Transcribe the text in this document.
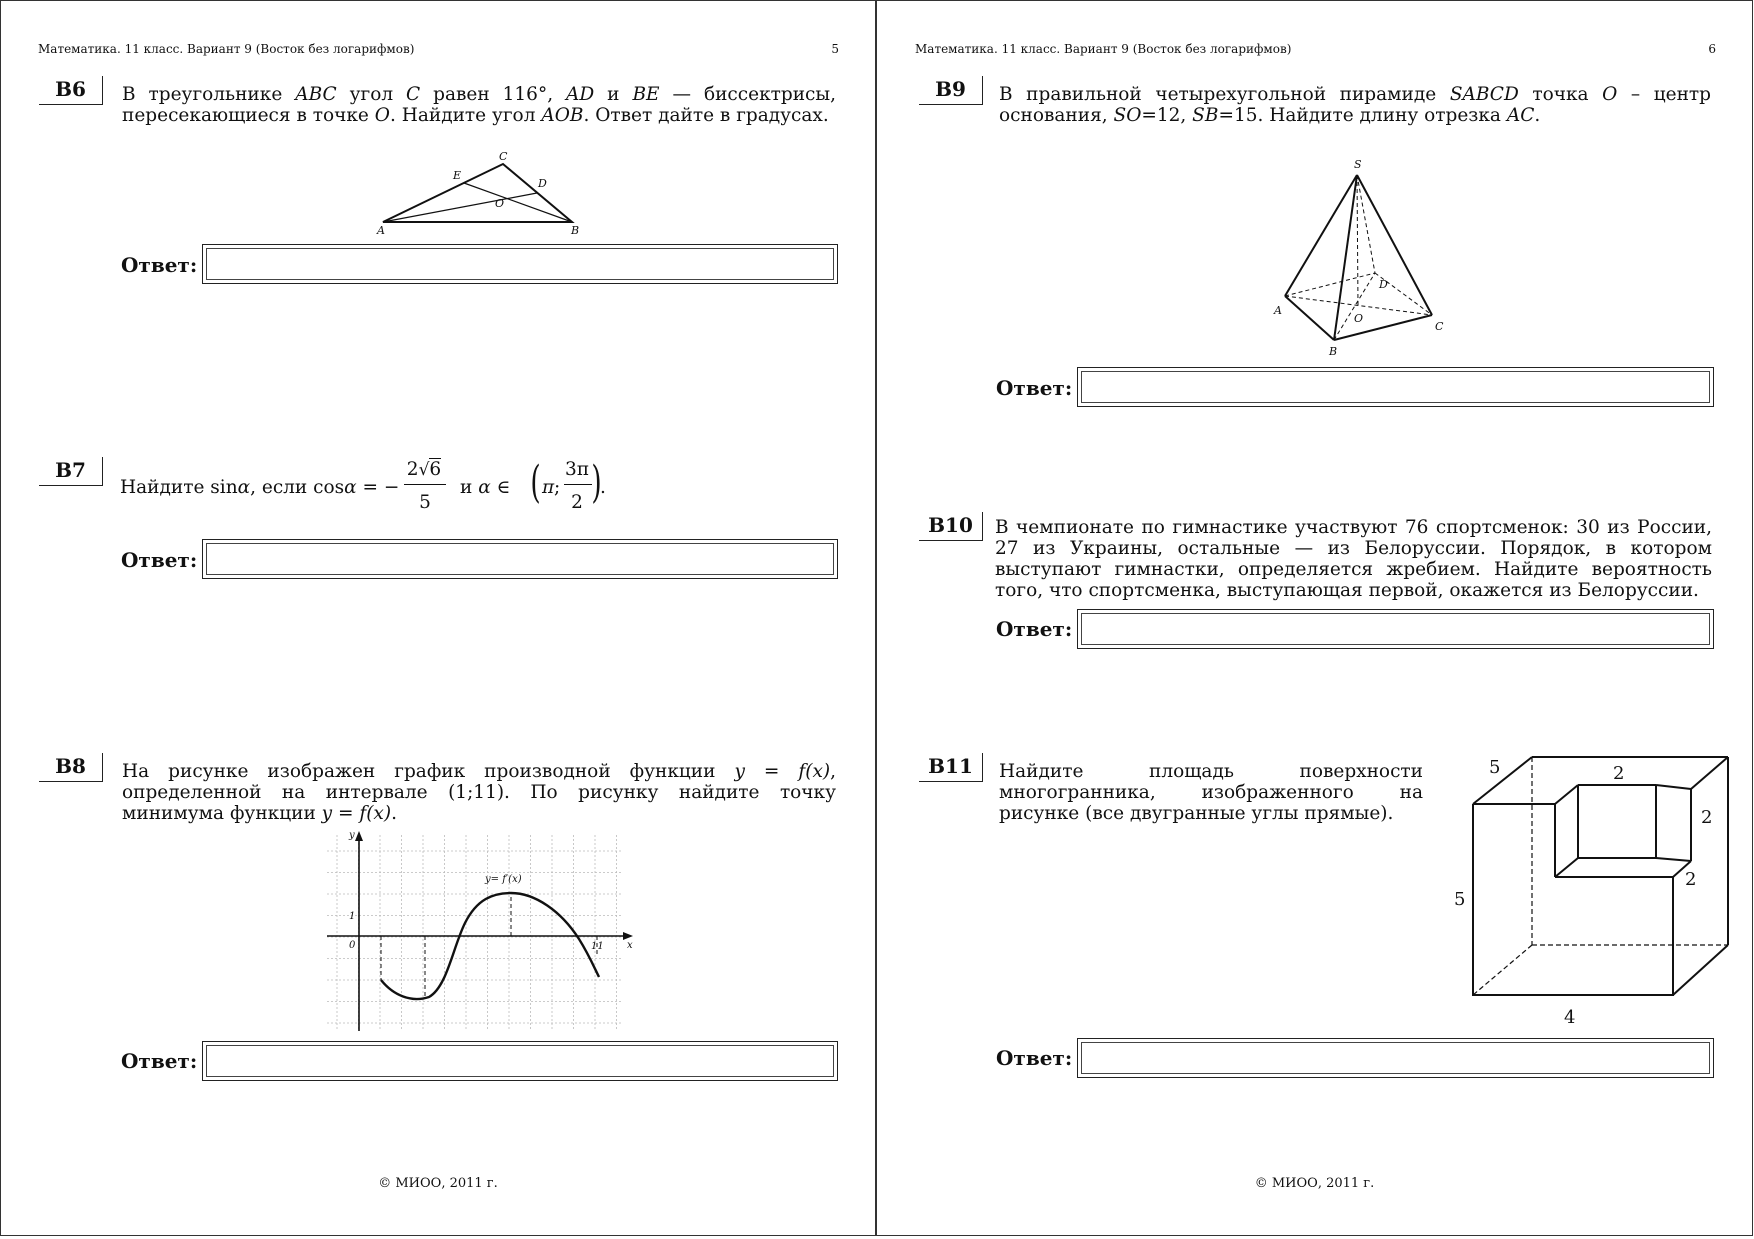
Математика. 11 класс. Вариант 9 (Восток без логарифмов)	5
B6	В треугольнике ABC угол C равен 116°, AD и BE — биссектрисы, пересекающиеся в точке O. Найдите угол AOB. Ответ дайте в градусах.
A	B
C
D
E
O
Ответ:
B7
Найдите sinα, если cosα = −
2√6
5
и α ∈ ( π ;
3π
2 )
.
Ответ:
B8	На рисунке изображен график производной функции y = f(x), определенной на интервале (1;11). По рисунку найдите точку минимума функции y = f(x).
y
x
0
1
11
y= f′(x)
Ответ:
© МИОО, 2011 г.
Математика. 11 класс. Вариант 9 (Восток без логарифмов)	6
B9	В правильной четырехугольной пирамиде SABCD точка O – центр основания, SO=12, SB=15. Найдите длину отрезка AC.
S
A
B
C
D
O
Ответ:
B10	В чемпионате по гимнастике участвуют 76 спортсменок: 30 из России, 27 из Украины, остальные — из Белоруссии. Порядок, в котором выступают гимнастки, определяется жребием. Найдите вероятность того, что спортсменка, выступающая первой, окажется из Белоруссии.
Ответ:
B11	Найдите площадь поверхности многогранника, изображенного на рисунке (все двугранные углы прямые).
5	2
2
2
5
4
Ответ:
© МИОО, 2011 г.
